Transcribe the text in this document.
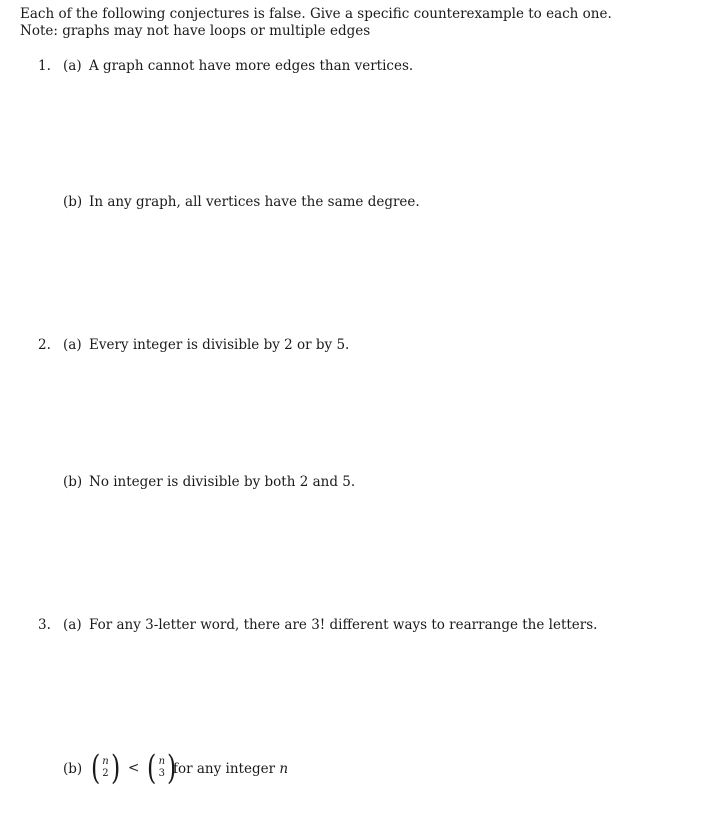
Each of the following conjectures is false. Give a specific counterexample to each one.
Note: graphs may not have loops or multiple edges
1. (a) A graph cannot have more edges than vertices.
(b) In any graph, all vertices have the same degree.
2. (a) Every integer is divisible by 2 or by 5.
(b) No integer is divisible by both 2 and 5.
3. (a) For any 3-letter word, there are 3! different ways to rearrange the letters.
(b) ( n
2 ) < ( n
3 )
for any integer n
